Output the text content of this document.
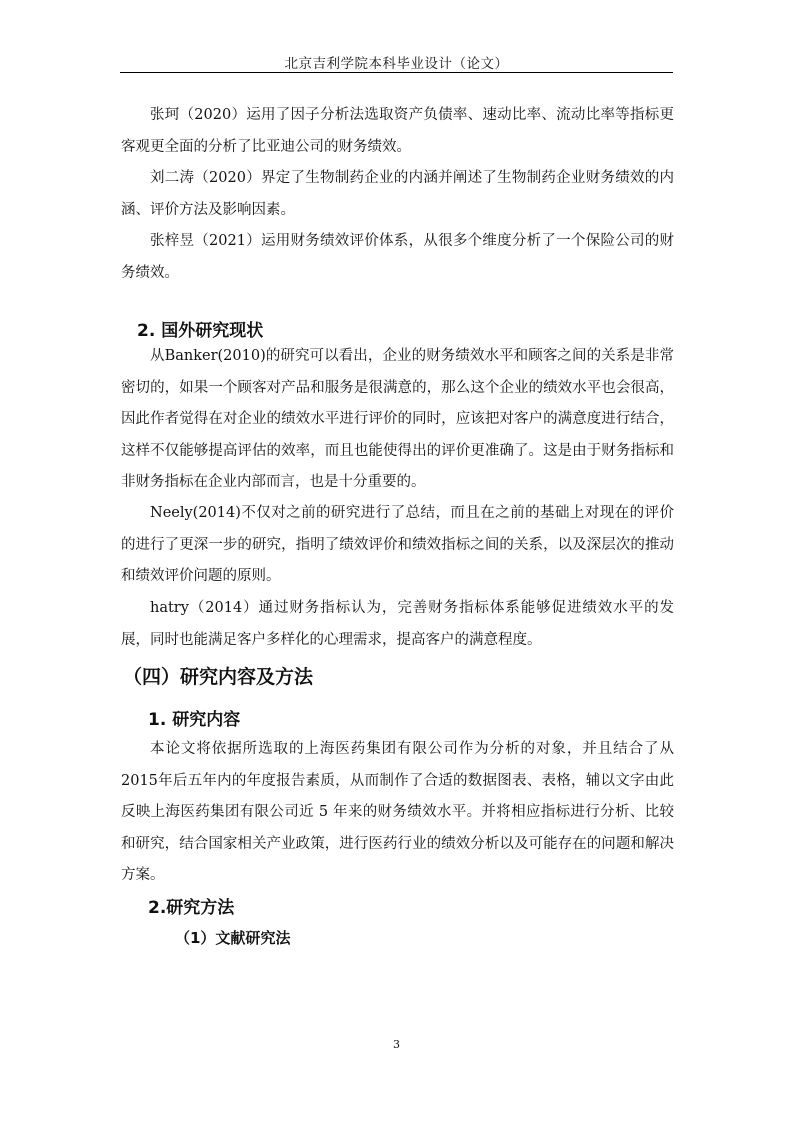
北京吉利学院本科毕业设计（论文）

张珂（2020）运用了因子分析法选取资产负债率、速动比率、流动比率等指标更客观更全面的分析了比亚迪公司的财务绩效。

刘二涛（2020）界定了生物制药企业的内涵并阐述了生物制药企业财务绩效的内涵、评价方法及影响因素。

张梓昱（2021）运用财务绩效评价体系，从很多个维度分析了一个保险公司的财务绩效。

2. 国外研究现状

从Banker(2010)的研究可以看出，企业的财务绩效水平和顾客之间的关系是非常密切的，如果一个顾客对产品和服务是很满意的，那么这个企业的绩效水平也会很高，因此作者觉得在对企业的绩效水平进行评价的同时，应该把对客户的满意度进行结合，这样不仅能够提高评估的效率，而且也能使得出的评价更准确了。这是由于财务指标和非财务指标在企业内部而言，也是十分重要的。

Neely(2014)不仅对之前的研究进行了总结，而且在之前的基础上对现在的评价的进行了更深一步的研究，指明了绩效评价和绩效指标之间的关系，以及深层次的推动和绩效评价问题的原则。

hatry（2014）通过财务指标认为，完善财务指标体系能够促进绩效水平的发展，同时也能满足客户多样化的心理需求，提高客户的满意程度。

（四）研究内容及方法
1. 研究内容

本论文将依据所选取的上海医药集团有限公司作为分析的对象，并且结合了从2015年后五年内的年度报告素质，从而制作了合适的数据图表、表格，辅以文字由此反映上海医药集团有限公司近 5 年来的财务绩效水平。并将相应指标进行分析、比较和研究，结合国家相关产业政策，进行医药行业的绩效分析以及可能存在的问题和解决方案。

2.研究方法
（1）文献研究法
3
